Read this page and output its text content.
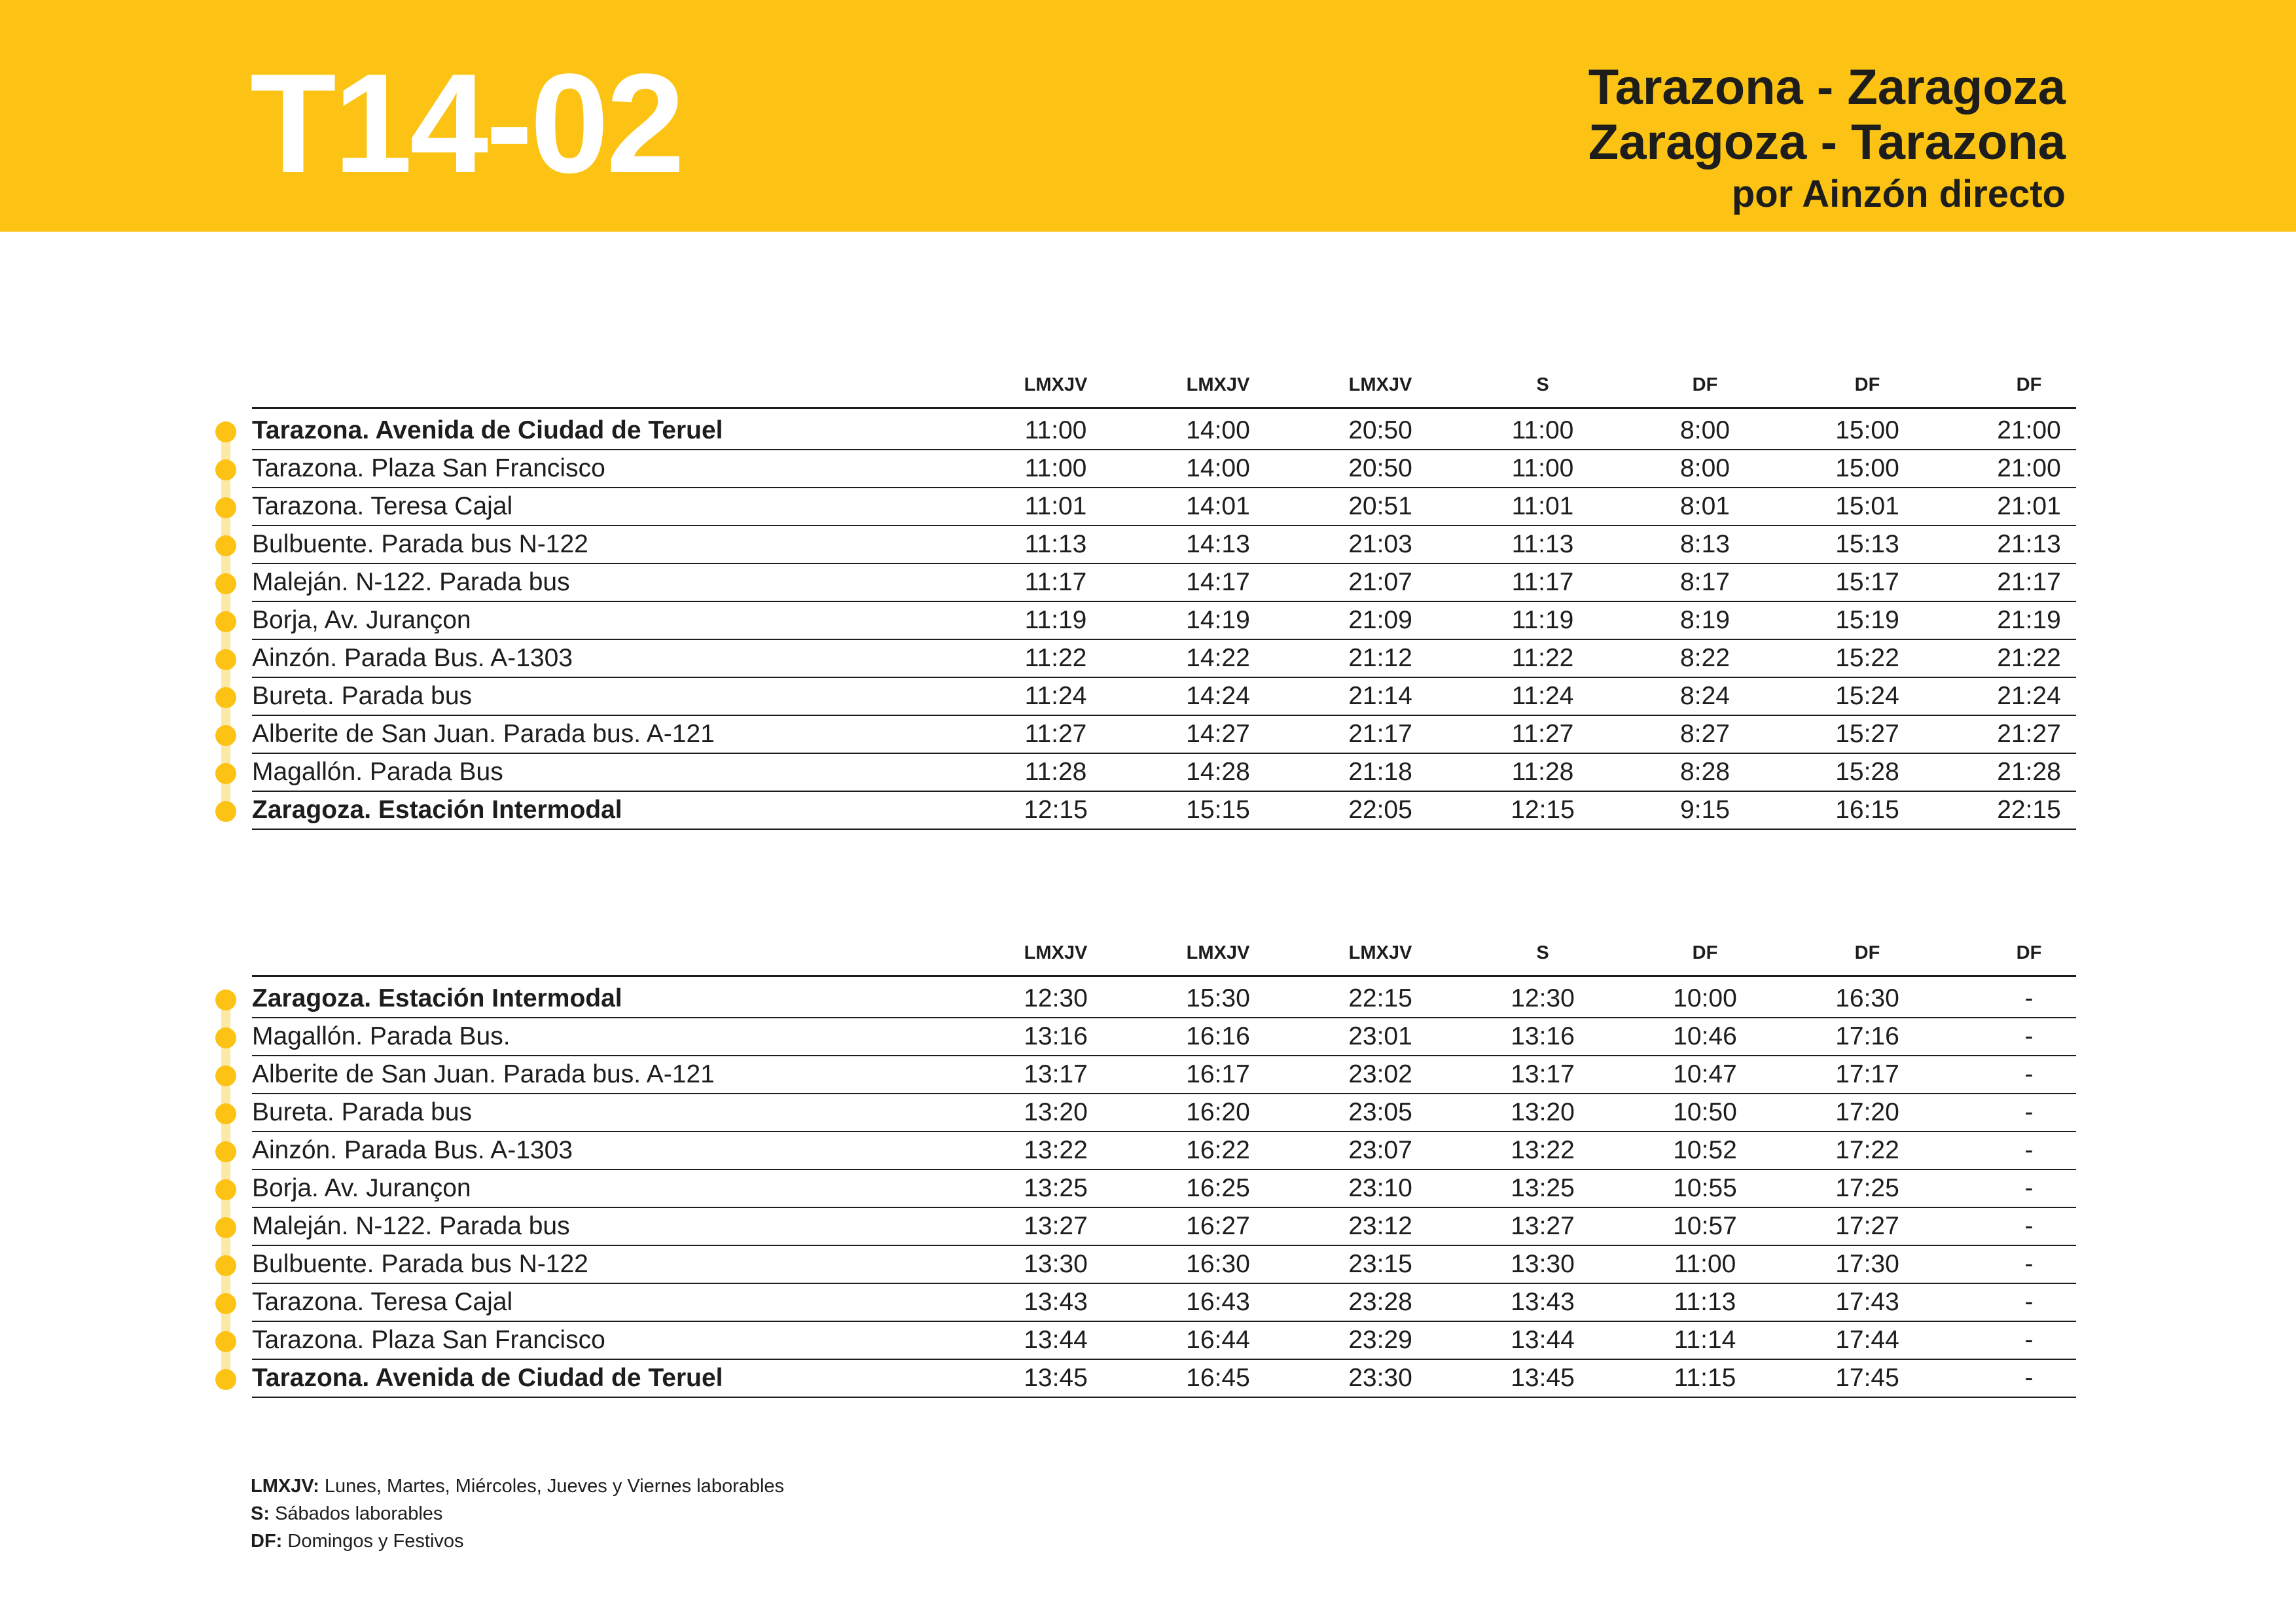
T14-02	Tarazona - Zaragoza
Zaragoza - Tarazona
por Ainzón directo
LMXJV	LMXJV	LMXJV	S	DF	DF	DF
Tarazona. Avenida de Ciudad de Teruel	11:00	14:00	20:50	11:00	8:00	15:00	21:00
Tarazona. Plaza San Francisco	11:00	14:00	20:50	11:00	8:00	15:00	21:00
Tarazona. Teresa Cajal	11:01	14:01	20:51	11:01	8:01	15:01	21:01
Bulbuente. Parada bus N-122	11:13	14:13	21:03	11:13	8:13	15:13	21:13
Maleján. N-122. Parada bus	11:17	14:17	21:07	11:17	8:17	15:17	21:17
Borja, Av. Jurançon	11:19	14:19	21:09	11:19	8:19	15:19	21:19
Ainzón. Parada Bus. A-1303	11:22	14:22	21:12	11:22	8:22	15:22	21:22
Bureta. Parada bus	11:24	14:24	21:14	11:24	8:24	15:24	21:24
Alberite de San Juan. Parada bus. A-121	11:27	14:27	21:17	11:27	8:27	15:27	21:27
Magallón. Parada Bus	11:28	14:28	21:18	11:28	8:28	15:28	21:28
Zaragoza. Estación Intermodal	12:15	15:15	22:05	12:15	9:15	16:15	22:15
LMXJV	LMXJV	LMXJV	S	DF	DF	DF
Zaragoza. Estación Intermodal	12:30	15:30	22:15	12:30	10:00	16:30	-
Magallón. Parada Bus.	13:16	16:16	23:01	13:16	10:46	17:16	-
Alberite de San Juan. Parada bus. A-121	13:17	16:17	23:02	13:17	10:47	17:17	-
Bureta. Parada bus	13:20	16:20	23:05	13:20	10:50	17:20	-
Ainzón. Parada Bus. A-1303	13:22	16:22	23:07	13:22	10:52	17:22	-
Borja. Av. Jurançon	13:25	16:25	23:10	13:25	10:55	17:25	-
Maleján. N-122. Parada bus	13:27	16:27	23:12	13:27	10:57	17:27	-
Bulbuente. Parada bus N-122	13:30	16:30	23:15	13:30	11:00	17:30	-
Tarazona. Teresa Cajal	13:43	16:43	23:28	13:43	11:13	17:43	-
Tarazona. Plaza San Francisco	13:44	16:44	23:29	13:44	11:14	17:44	-
Tarazona. Avenida de Ciudad de Teruel	13:45	16:45	23:30	13:45	11:15	17:45	-
LMXJV: Lunes, Martes, Miércoles, Jueves y Viernes laborables
S: Sábados laborables
DF: Domingos y Festivos
